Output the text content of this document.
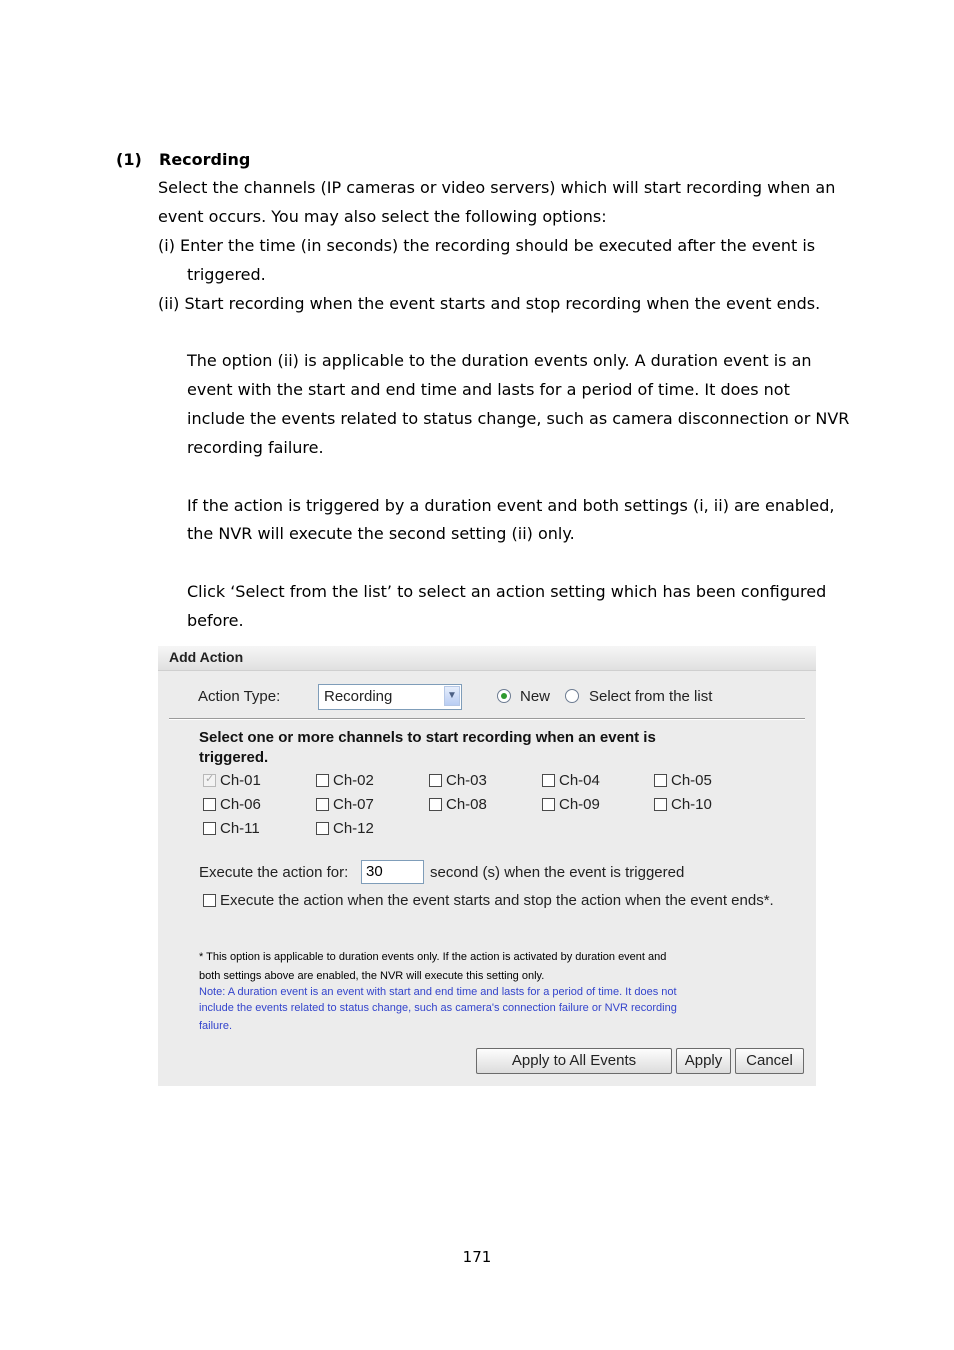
(1) Recording
Select the channels (IP cameras or video servers) which will start recording when an
event occurs. You may also select the following options:
(i) Enter the time (in seconds) the recording should be executed after the event is
triggered.
(ii) Start recording when the event starts and stop recording when the event ends.
The option (ii) is applicable to the duration events only. A duration event is an
event with the start and end time and lasts for a period of time. It does not
include the events related to status change, such as camera disconnection or NVR
recording failure.
If the action is triggered by a duration event and both settings (i, ii) are enabled,
the NVR will execute the second setting (ii) only.
Click ‘Select from the list’ to select an action setting which has been configured
before.
Add Action
Action Type:	Recording	▼	New	Select from the list
Select one or more channels to start recording when an event is triggered.
✓Ch-01	Ch-02	Ch-03	Ch-04	Ch-05
Ch-06	Ch-07	Ch-08	Ch-09	Ch-10
Ch-11	Ch-12
Execute the action for:	30	second (s) when the event is triggered
Execute the action when the event starts and stop the action when the event ends*.
* This option is applicable to duration events only. If the action is activated by duration event and
both settings above are enabled, the NVR will execute this setting only.
Note: A duration event is an event with start and end time and lasts for a period of time. It does not
include the events related to status change, such as camera's connection failure or NVR recording
failure.
Apply to All Events	Apply	Cancel
171
